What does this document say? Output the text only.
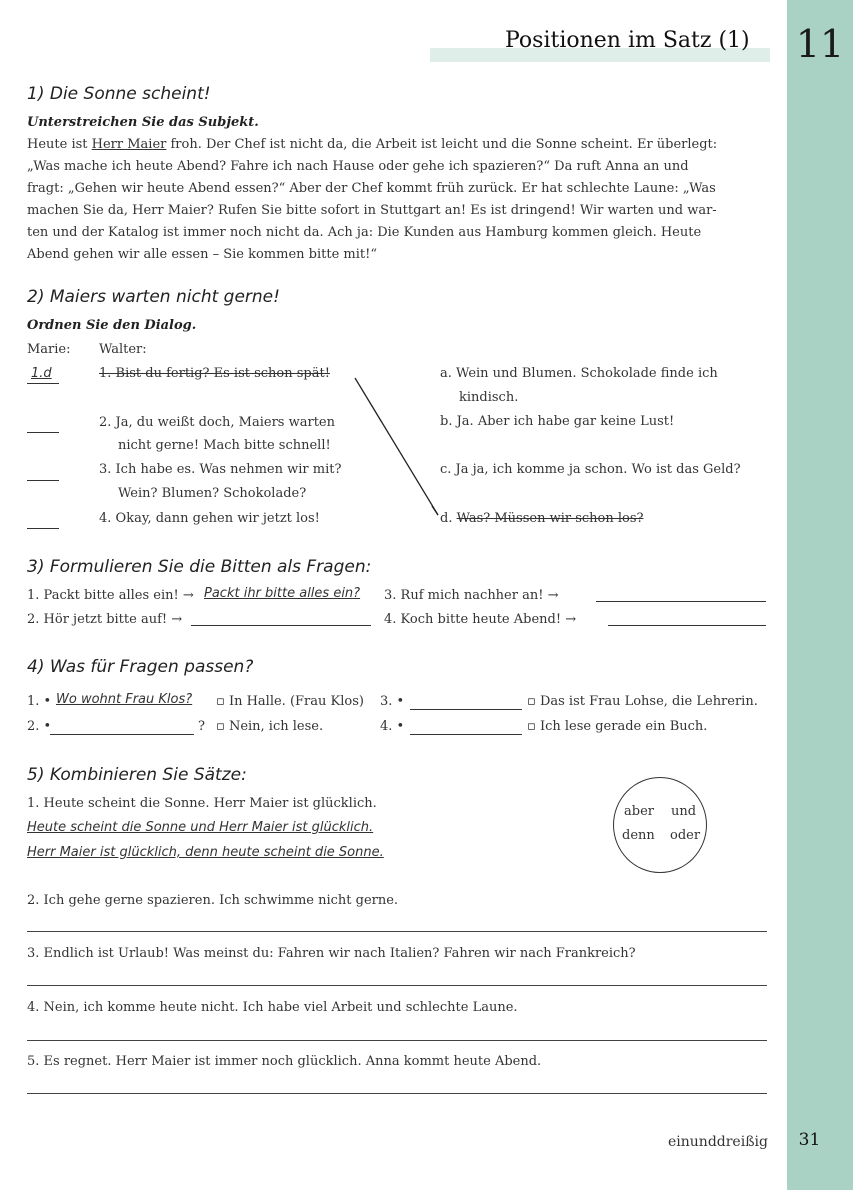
Positionen im Satz (1) 11
1) Die Sonne scheint!
Unterstreichen Sie das Subjekt.
Heute ist Herr Maier froh. Der Chef ist nicht da, die Arbeit ist leicht und die Sonne scheint. Er überlegt:
„Was mache ich heute Abend? Fahre ich nach Hause oder gehe ich spazieren?“ Da ruft Anna an und
fragt: „Gehen wir heute Abend essen?“ Aber der Chef kommt früh zurück. Er hat schlechte Laune: „Was
machen Sie da, Herr Maier? Rufen Sie bitte sofort in Stuttgart an! Es ist dringend! Wir warten und war-
ten und der Katalog ist immer noch nicht da. Ach ja: Die Kunden aus Hamburg kommen gleich. Heute
Abend gehen wir alle essen – Sie kommen bitte mit!“
2) Maiers warten nicht gerne!
Ordnen Sie den Dialog.
Marie: Walter:
1.d	1. Bist du fertig? Es ist schon spät!
2. Ja, du weißt doch, Maiers warten
nicht gerne! Mach bitte schnell!
3. Ich habe es. Was nehmen wir mit?
Wein? Blumen? Schokolade?
4. Okay, dann gehen wir jetzt los!
a. Wein und Blumen. Schokolade finde ich
kindisch.
b. Ja. Aber ich habe gar keine Lust!
c. Ja ja, ich komme ja schon. Wo ist das Geld?
d. Was? Müssen wir schon los?
3) Formulieren Sie die Bitten als Fragen:
1. Packt bitte alles ein! → Packt ihr bitte alles ein? 3. Ruf mich nachher an! →
2. Hör jetzt bitte auf! →	4. Koch bitte heute Abend! →
4) Was für Fragen passen?
1. • Wo wohnt Frau Klos? ▫ In Halle. (Frau Klos) 3. •	▫ Das ist Frau Lohse, die Lehrerin.
2. •	? ▫ Nein, ich lese.	4. •	▫ Ich lese gerade ein Buch.
5) Kombinieren Sie Sätze:
1. Heute scheint die Sonne. Herr Maier ist glücklich.
Heute scheint die Sonne und Herr Maier ist glücklich.
Herr Maier ist glücklich, denn heute scheint die Sonne.
aber und
denn oder
2. Ich gehe gerne spazieren. Ich schwimme nicht gerne.
3. Endlich ist Urlaub! Was meinst du: Fahren wir nach Italien? Fahren wir nach Frankreich?
4. Nein, ich komme heute nicht. Ich habe viel Arbeit und schlechte Laune.
5. Es regnet. Herr Maier ist immer noch glücklich. Anna kommt heute Abend.
einunddreißig	31
